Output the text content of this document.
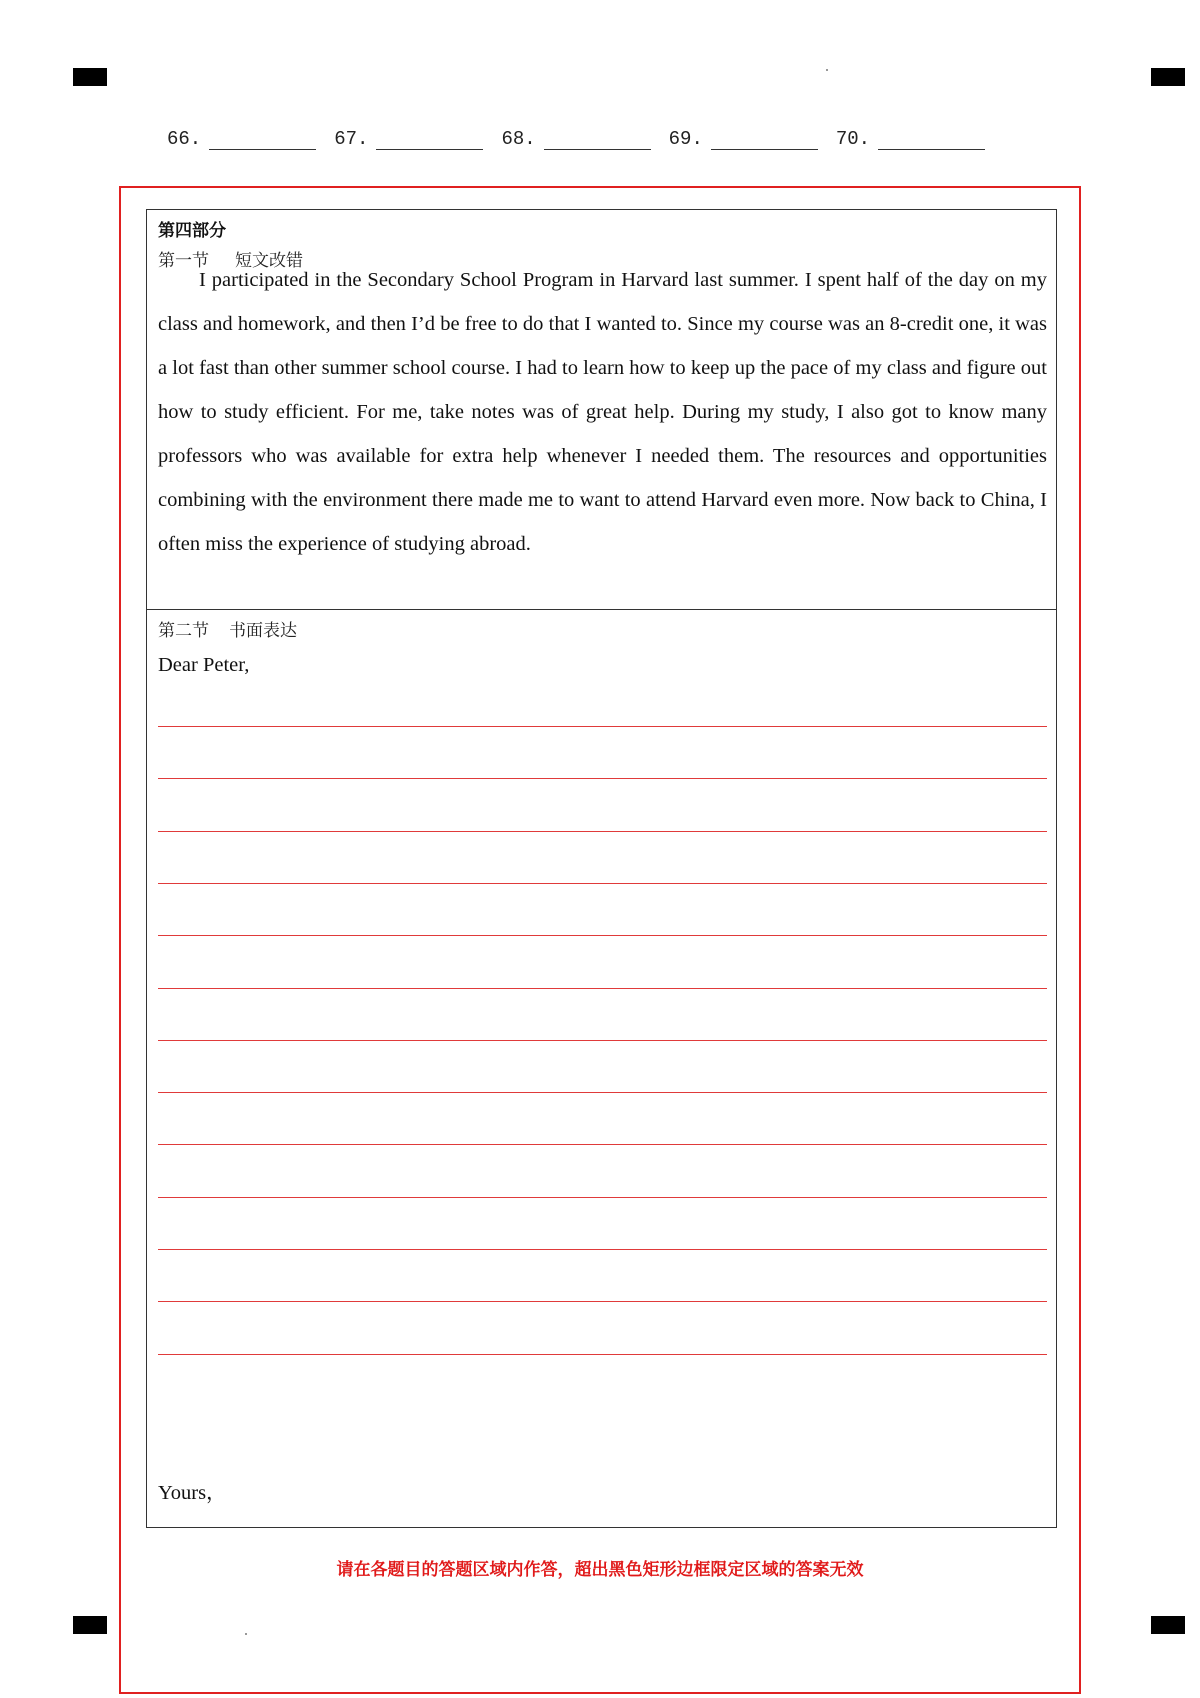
66.	67.	68.	69.	70.
第四部分
第一节 短文改错
I participated in the Secondary School Program in Harvard last summer. I spent half of the day on my class and homework, and then I’d be free to do that I wanted to. Since my course was an 8-credit one, it was a lot fast than other summer school course. I had to learn how to keep up the pace of my class and figure out how to study efficient. For me, take notes was of great help. During my study, I also got to know many professors who was available for extra help whenever I needed them. The resources and opportunities combining with the environment there made me to want to attend Harvard even more. Now back to China, I often miss the experience of studying abroad.
第二节 书面表达
Dear Peter,
Yours，
请在各题目的答题区域内作答，超出黑色矩形边框限定区域的答案无效
